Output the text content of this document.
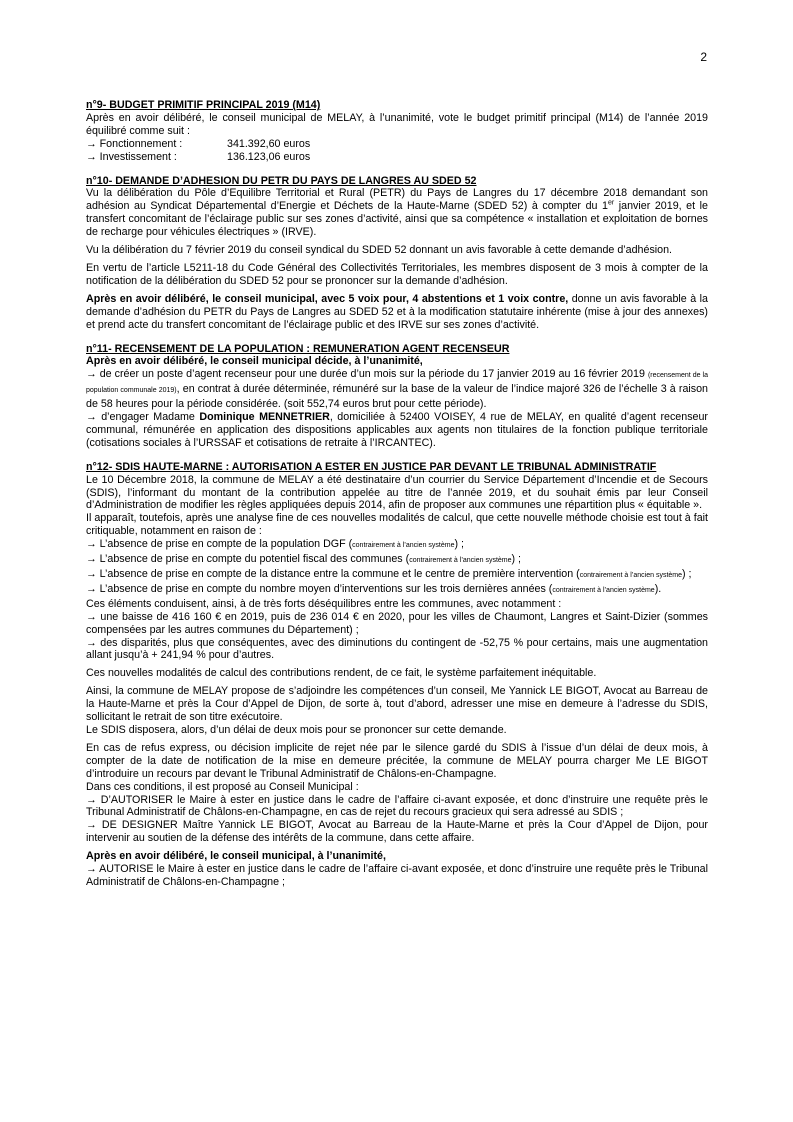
2
n°9- BUDGET PRIMITIF PRINCIPAL 2019 (M14)
Après en avoir délibéré, le conseil municipal de MELAY, à l’unanimité, vote le budget primitif principal (M14) de l’année 2019 équilibré comme suit :
→ Fonctionnement :	341.392,60 euros
→ Investissement :	136.123,06 euros
n°10- DEMANDE D’ADHESION DU PETR DU PAYS DE LANGRES AU SDED 52

Vu la délibération du Pôle d’Equilibre Territorial et Rural (PETR) du Pays de Langres du 17 décembre 2018 demandant son adhésion au Syndicat Départemental d’Energie et Déchets de la Haute-Marne (SDED 52) à compter du 1er janvier 2019, et le transfert concomitant de l’éclairage public sur ses zones d’activité, ainsi que sa compétence « installation et exploitation de bornes de recharge pour véhicules électriques » (IRVE).

Vu la délibération du 7 février 2019 du conseil syndical du SDED 52 donnant un avis favorable à cette demande d’adhésion.

En vertu de l’article L5211-18 du Code Général des Collectivités Territoriales, les membres disposent de 3 mois à compter de la notification de la délibération du SDED 52 pour se prononcer sur la demande d’adhésion.

Après en avoir délibéré, le conseil municipal, avec 5 voix pour, 4 abstentions et 1 voix contre, donne un avis favorable à la demande d’adhésion du PETR du Pays de Langres au SDED 52 et à la modification statutaire inhérente (mise à jour des annexes) et prend acte du transfert concomitant de l’éclairage public et des IRVE sur ses zones d’activité.

n°11- RECENSEMENT DE LA POPULATION : REMUNERATION AGENT RECENSEUR
Après en avoir délibéré, le conseil municipal décide, à l’unanimité,
→ de créer un poste d’agent recenseur pour une durée d’un mois sur la période du 17 janvier 2019 au 16 février 2019 (recensement de la population communale 2019), en contrat à durée déterminée, rémunéré sur la base de la valeur de l’indice majoré 326 de l’échelle 3 à raison de 58 heures pour la période considérée. (soit 552,74 euros brut pour cette période).
→ d’engager Madame Dominique MENNETRIER, domiciliée à 52400 VOISEY, 4 rue de MELAY, en qualité d’agent recenseur communal, rémunérée en application des dispositions applicables aux agents non titulaires de la fonction publique territoriale (cotisations sociales à l’URSSAF et cotisations de retraite à l’IRCANTEC).
n°12- SDIS HAUTE-MARNE : AUTORISATION A ESTER EN JUSTICE PAR DEVANT LE TRIBUNAL ADMINISTRATIF
Le 10 Décembre 2018, la commune de MELAY a été destinataire d’un courrier du Service Département d’Incendie et de Secours (SDIS), l’informant du montant de la contribution appelée au titre de l’année 2019, et du souhait émis par leur Conseil d’Administration de modifier les règles appliquées depuis 2014, afin de proposer aux communes une répartition plus « équitable ».
Il apparaît, toutefois, après une analyse fine de ces nouvelles modalités de calcul, que cette nouvelle méthode choisie est tout à fait critiquable, notamment en raison de :
→ L’absence de prise en compte de la population DGF (contrairement à l’ancien système) ;
→ L’absence de prise en compte du potentiel fiscal des communes (contrairement à l’ancien système) ;
→ L’absence de prise en compte de la distance entre la commune et le centre de première intervention (contrairement à l’ancien système) ;
→ L’absence de prise en compte du nombre moyen d’interventions sur les trois dernières années (contrairement à l’ancien système).
Ces éléments conduisent, ainsi, à de très forts déséquilibres entre les communes, avec notamment :
→ une baisse de 416 160 € en 2019, puis de 236 014 € en 2020, pour les villes de Chaumont, Langres et Saint-Dizier (sommes compensées par les autres communes du Département) ;

→ des disparités, plus que conséquentes, avec des diminutions du contingent de -52,75 % pour certains, mais une augmentation allant jusqu’à + 241,94 % pour d’autres.

Ces nouvelles modalités de calcul des contributions rendent, de ce fait, le système parfaitement inéquitable.

Ainsi, la commune de MELAY propose de s’adjoindre les compétences d’un conseil, Me Yannick LE BIGOT, Avocat au Barreau de la Haute-Marne et près la Cour d’Appel de Dijon, de sorte à, tout d’abord, adresser une mise en demeure à l’adresse du SDIS, sollicitant le retrait de son titre exécutoire.

Le SDIS disposera, alors, d’un délai de deux mois pour se prononcer sur cette demande.

En cas de refus express, ou décision implicite de rejet née par le silence gardé du SDIS à l’issue d’un délai de deux mois, à compter de la date de notification de la mise en demeure précitée, la commune de MELAY pourra charger Me LE BIGOT d’introduire un recours par devant le Tribunal Administratif de Châlons-en-Champagne.
Dans ces conditions, il est proposé au Conseil Municipal :
→ D’AUTORISER le Maire à ester en justice dans le cadre de l’affaire ci-avant exposée, et donc d’instruire une requête près le Tribunal Administratif de Châlons-en-Champagne, en cas de rejet du recours gracieux qui sera adressé au SDIS ;

→ DE DESIGNER Maître Yannick LE BIGOT, Avocat au Barreau de la Haute-Marne et près la Cour d’Appel de Dijon, pour intervenir au soutien de la défense des intérêts de la commune, dans cette affaire.

Après en avoir délibéré, le conseil municipal, à l’unanimité,
→ AUTORISE le Maire à ester en justice dans le cadre de l’affaire ci-avant exposée, et donc d’instruire une requête près le Tribunal Administratif de Châlons-en-Champagne ;
